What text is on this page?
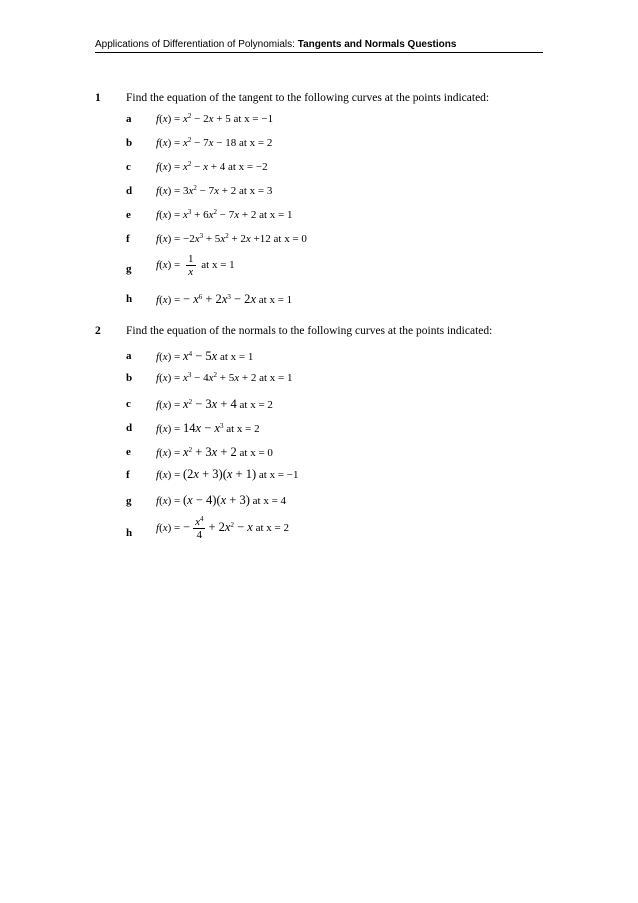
Applications of Differentiation of Polynomials: Tangents and Normals Questions
1 Find the equation of the tangent to the following curves at the points indicated:
a $f(x) = x^2 - 2x + 5$ at x = −1
b $f(x) = x^2 - 7x - 18$ at x = 2
c $f(x) = x^2 - x + 4$ at x = −2
d $f(x) = 3x^2 - 7x + 2$ at x = 3
e $f(x) = x^3 + 6x^2 - 7x + 2$ at x = 1
f $f(x) = -2x^3 + 5x^2 + 2x +12$ at x = 0
g $f(x) = \frac{1}{x}$ at x = 1
h f(x) = − $x^6 + 2x^3 - 2x$ at x = 1
2 Find the equation of the normals to the following curves at the points indicated:
a $f(x) = x^4 - 5x$ at x = 1
b $f(x) = x^3 - 4x^2 + 5x + 2$ at x = 1
c $f(x) = x^2 - 3x + 4$ at x = 2
d $f(x) = 14x - x^3$ at x = 2
e $f(x) = x^2 + 3x + 2$ at x = 0
f f(x) = (2x + 3)(x + 1) at x = −1
g f(x) = (x − 4)(x + 3) at x = 4
h f(x) = − $\frac{x^4}{4} + 2x^2 - x$ at x = 2
